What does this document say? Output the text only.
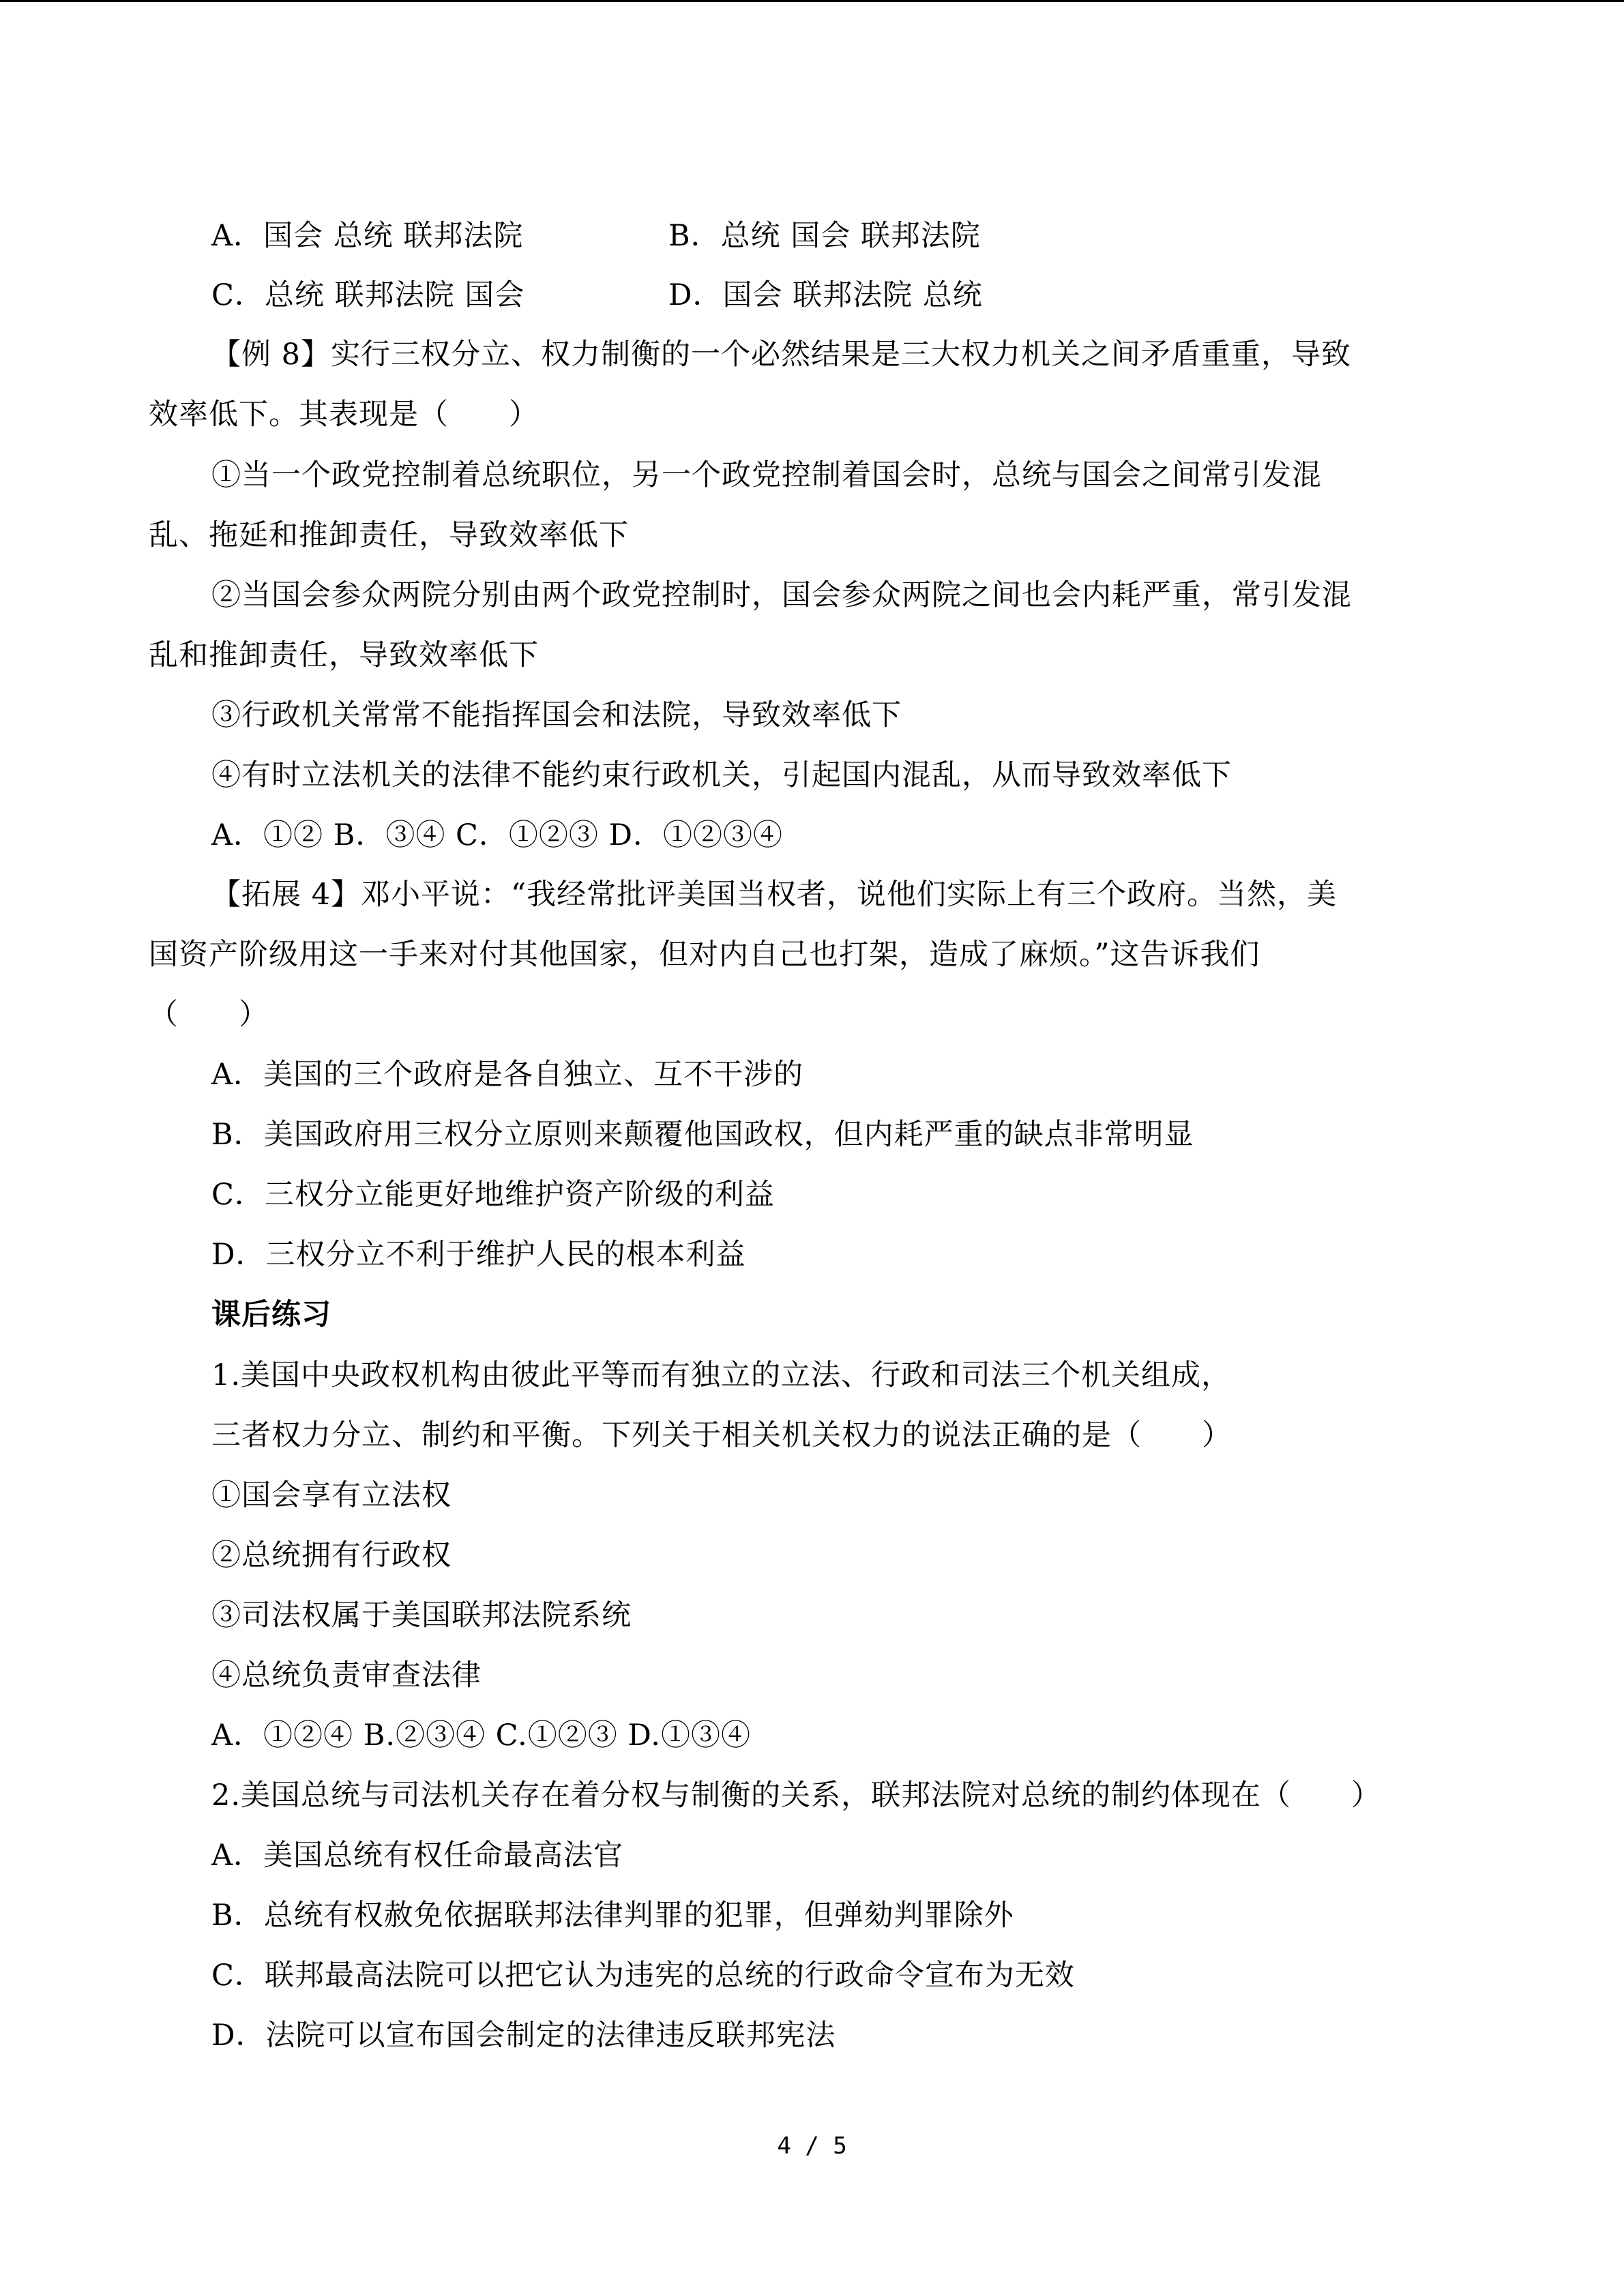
A．国会 总统 联邦法院	B．总统 国会 联邦法院
C．总统 联邦法院 国会	D．国会 联邦法院 总统
【例 8】实行三权分立、权力制衡的一个必然结果是三大权力机关之间矛盾重重，导致
效率低下。其表现是（　　）
①当一个政党控制着总统职位，另一个政党控制着国会时，总统与国会之间常引发混
乱、拖延和推卸责任，导致效率低下
②当国会参众两院分别由两个政党控制时，国会参众两院之间也会内耗严重，常引发混
乱和推卸责任，导致效率低下
③行政机关常常不能指挥国会和法院，导致效率低下
④有时立法机关的法律不能约束行政机关，引起国内混乱，从而导致效率低下
A．①② B．③④ C．①②③ D．①②③④
【拓展 4】邓小平说：“我经常批评美国当权者，说他们实际上有三个政府。当然，美
国资产阶级用这一手来对付其他国家，但对内自己也打架，造成了麻烦。”这告诉我们
（　　）
A．美国的三个政府是各自独立、互不干涉的
B．美国政府用三权分立原则来颠覆他国政权，但内耗严重的缺点非常明显
C．三权分立能更好地维护资产阶级的利益
D．三权分立不利于维护人民的根本利益
课后练习
1.美国中央政权机构由彼此平等而有独立的立法、行政和司法三个机关组成，
三者权力分立、制约和平衡。下列关于相关机关权力的说法正确的是（　　）
①国会享有立法权
②总统拥有行政权
③司法权属于美国联邦法院系统
④总统负责审查法律
A．①②④ B.②③④ C.①②③ D.①③④
2.美国总统与司法机关存在着分权与制衡的关系，联邦法院对总统的制约体现在（　　）
A．美国总统有权任命最高法官
B．总统有权赦免依据联邦法律判罪的犯罪，但弹劾判罪除外
C．联邦最高法院可以把它认为违宪的总统的行政命令宣布为无效
D．法院可以宣布国会制定的法律违反联邦宪法
4 / 5
